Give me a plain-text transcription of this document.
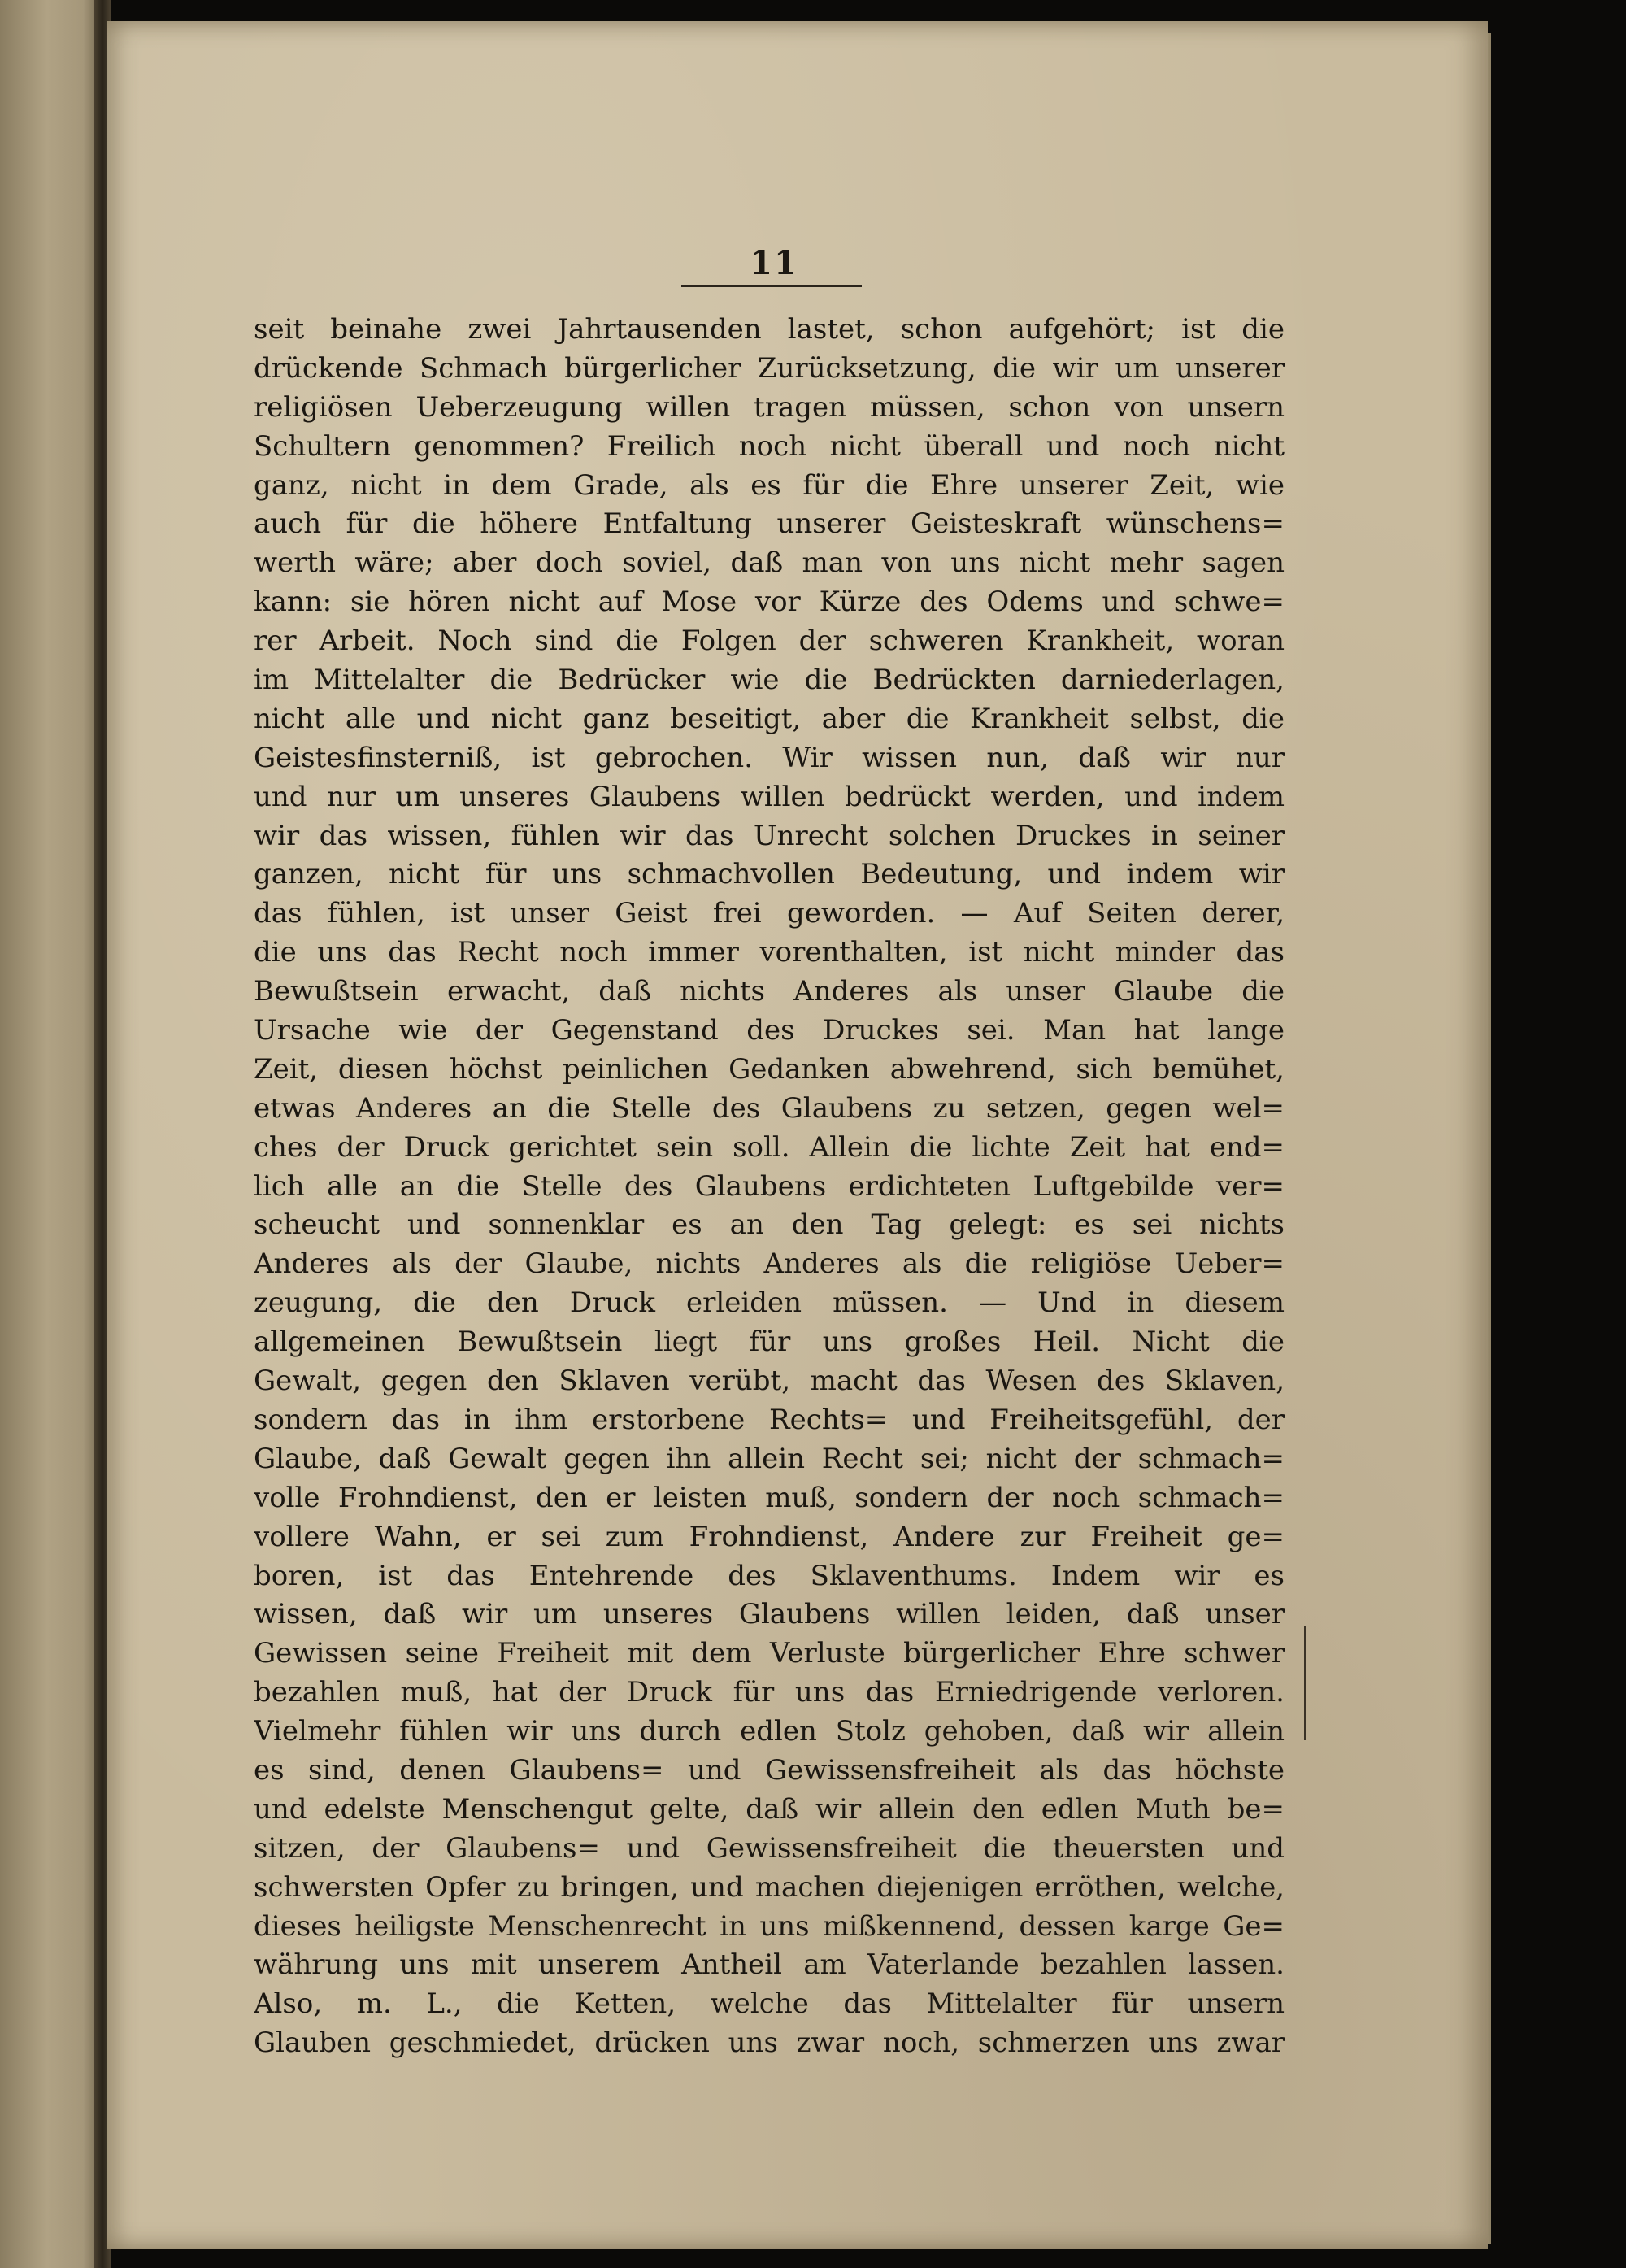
11
seit beinahe zwei Jahrtausenden lastet, schon aufgehört; ist die
drückende Schmach bürgerlicher Zurücksetzung, die wir um unserer
religiösen Ueberzeugung willen tragen müssen, schon von unsern
Schultern genommen? Freilich noch nicht überall und noch nicht
ganz, nicht in dem Grade, als es für die Ehre unserer Zeit, wie
auch für die höhere Entfaltung unserer Geisteskraft wünschens=
werth wäre; aber doch soviel, daß man von uns nicht mehr sagen
kann: sie hören nicht auf Mose vor Kürze des Odems und schwe=
rer Arbeit. Noch sind die Folgen der schweren Krankheit, woran
im Mittelalter die Bedrücker wie die Bedrückten darniederlagen,
nicht alle und nicht ganz beseitigt, aber die Krankheit selbst, die
Geistesfinsterniß, ist gebrochen. Wir wissen nun, daß wir nur
und nur um unseres Glaubens willen bedrückt werden, und indem
wir das wissen, fühlen wir das Unrecht solchen Druckes in seiner
ganzen, nicht für uns schmachvollen Bedeutung, und indem wir
das fühlen, ist unser Geist frei geworden. — Auf Seiten derer,
die uns das Recht noch immer vorenthalten, ist nicht minder das
Bewußtsein erwacht, daß nichts Anderes als unser Glaube die
Ursache wie der Gegenstand des Druckes sei. Man hat lange
Zeit, diesen höchst peinlichen Gedanken abwehrend, sich bemühet,
etwas Anderes an die Stelle des Glaubens zu setzen, gegen wel=
ches der Druck gerichtet sein soll. Allein die lichte Zeit hat end=
lich alle an die Stelle des Glaubens erdichteten Luftgebilde ver=
scheucht und sonnenklar es an den Tag gelegt: es sei nichts
Anderes als der Glaube, nichts Anderes als die religiöse Ueber=
zeugung, die den Druck erleiden müssen. — Und in diesem
allgemeinen Bewußtsein liegt für uns großes Heil. Nicht die
Gewalt, gegen den Sklaven verübt, macht das Wesen des Sklaven,
sondern das in ihm erstorbene Rechts= und Freiheitsgefühl, der
Glaube, daß Gewalt gegen ihn allein Recht sei; nicht der schmach=
volle Frohndienst, den er leisten muß, sondern der noch schmach=
vollere Wahn, er sei zum Frohndienst, Andere zur Freiheit ge=
boren, ist das Entehrende des Sklaventhums. Indem wir es
wissen, daß wir um unseres Glaubens willen leiden, daß unser
Gewissen seine Freiheit mit dem Verluste bürgerlicher Ehre schwer
bezahlen muß, hat der Druck für uns das Erniedrigende verloren.
Vielmehr fühlen wir uns durch edlen Stolz gehoben, daß wir allein
es sind, denen Glaubens= und Gewissensfreiheit als das höchste
und edelste Menschengut gelte, daß wir allein den edlen Muth be=
sitzen, der Glaubens= und Gewissensfreiheit die theuersten und
schwersten Opfer zu bringen, und machen diejenigen erröthen, welche,
dieses heiligste Menschenrecht in uns mißkennend, dessen karge Ge=
währung uns mit unserem Antheil am Vaterlande bezahlen lassen.
Also, m. L., die Ketten, welche das Mittelalter für unsern
Glauben geschmiedet, drücken uns zwar noch, schmerzen uns zwar
